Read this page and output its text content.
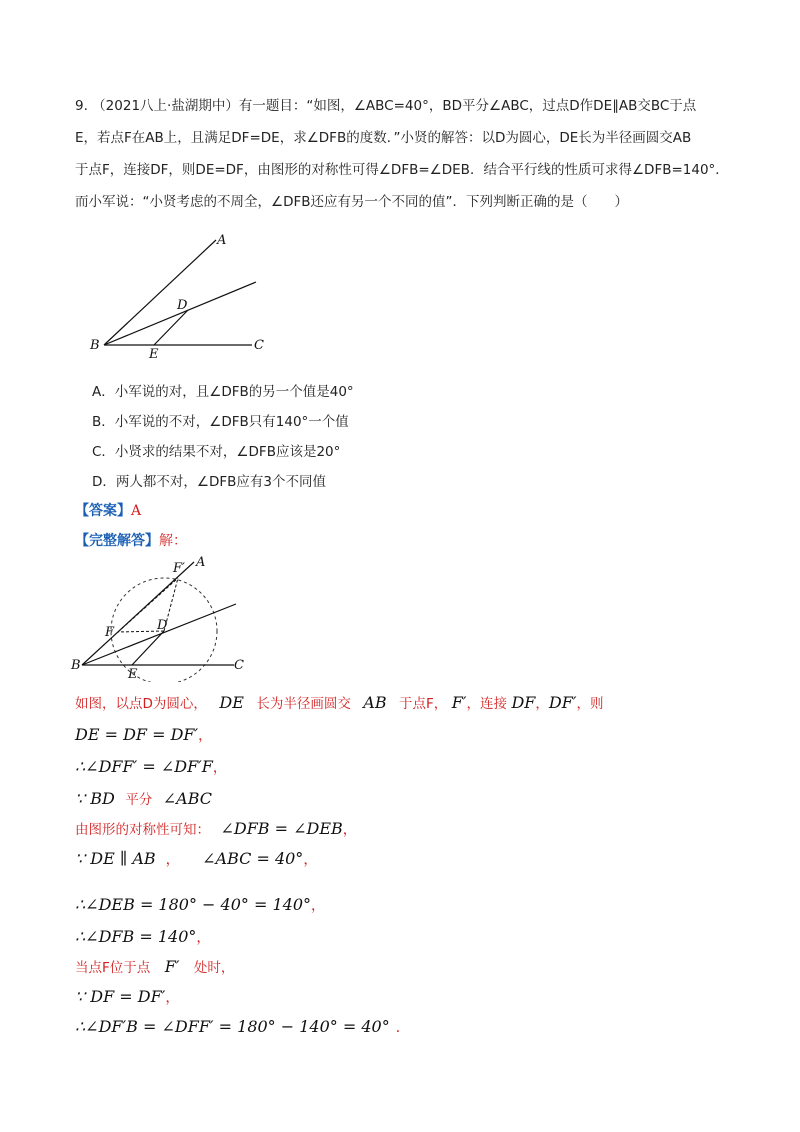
9. （2021八上·盐湖期中）有一题目：“如图，∠ABC=40°，BD平分∠ABC，过点D作DE∥AB交BC于点
E，若点F在AB上，且满足DF=DE，求∠DFB的度数．”小贤的解答：以D为圆心，DE长为半径画圆交AB
于点F，连接DF，则DE=DF，由图形的对称性可得∠DFB=∠DEB．结合平行线的性质可求得∠DFB=140°．
而小军说：“小贤考虑的不周全，∠DFB还应有另一个不同的值”．下列判断正确的是（　　）
A
D
B
E
C
A．小军说的对，且∠DFB的另一个值是40°
B．小军说的不对，∠DFB只有140°一个值
C．小贤求的结果不对，∠DFB应该是20°
D．两人都不对，∠DFB应有3个不同值
【答案】A
【完整解答】解：
F′ A
F	D
B
E
C
如图，以点D为圆心， DE 长为半径画圆交 AB 于点F， F′，连接 DF，DF′，则
DE = DF = DF′，
∴∠DFF′ = ∠DF′F，
∵ BD 平分 ∠ABC
由图形的对称性可知： ∠DFB = ∠DEB，
∵ DE ∥ AB ， ∠ABC = 40°，
∴∠DEB = 180° − 40° = 140°，
∴∠DFB = 140°，
当点F位于点 F′ 处时，
∵ DF = DF′，
∴∠DF′B = ∠DFF′ = 180° − 140° = 40° ．
